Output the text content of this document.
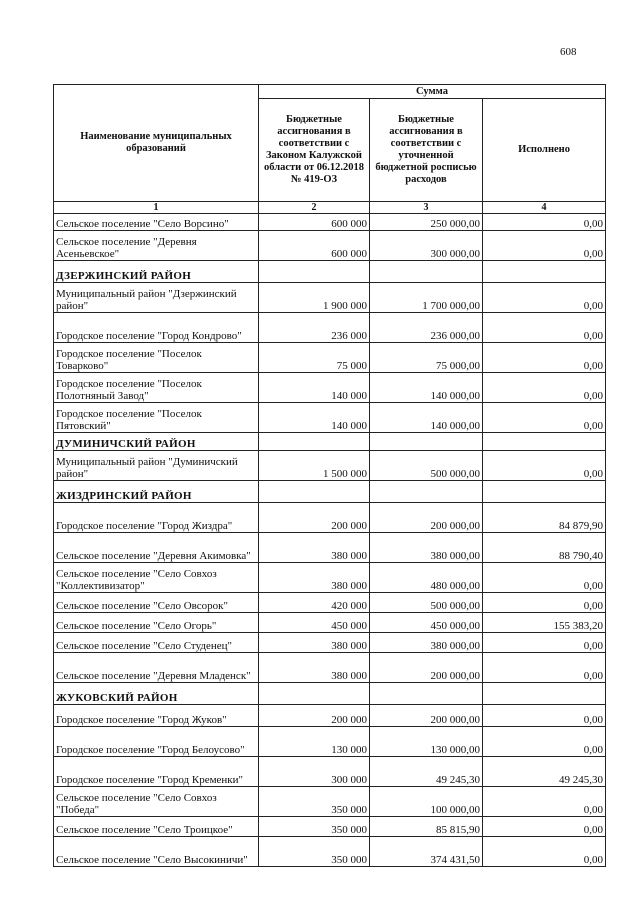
608
Наименование муниципальных образований	Сумма		
	Бюджетные ассигнования в соответствии с Законом Калужской области от 06.12.2018 № 419-ОЗ	Бюджетные ассигнования в соответствии с уточненной бюджетной росписью расходов	Исполнено
1	2	3	4
Сельское поселение "Село Ворсино"	600 000	250 000,00	0,00
Сельское поселение "Деревня Асеньевское"	600 000	300 000,00	0,00
ДЗЕРЖИНСКИЙ РАЙОН			
Муниципальный район "Дзержинский район"	1 900 000	1 700 000,00	0,00
Городское поселение "Город Кондрово"	236 000	236 000,00	0,00
Городское поселение "Поселок Товарково"	75 000	75 000,00	0,00
Городское поселение "Поселок Полотняный Завод"	140 000	140 000,00	0,00
Городское поселение "Поселок Пятовский"	140 000	140 000,00	0,00
ДУМИНИЧСКИЙ РАЙОН			
Муниципальный район "Думиничский район"	1 500 000	500 000,00	0,00
ЖИЗДРИНСКИЙ РАЙОН			
Городское поселение "Город Жиздра"	200 000	200 000,00	84 879,90
Сельское поселение "Деревня Акимовка"	380 000	380 000,00	88 790,40
Сельское поселение "Село Совхоз "Коллективизатор"	380 000	480 000,00	0,00
Сельское поселение "Село Овсорок"	420 000	500 000,00	0,00
Сельское поселение "Село Огорь"	450 000	450 000,00	155 383,20
Сельское поселение "Село Студенец"	380 000	380 000,00	0,00
Сельское поселение "Деревня Младенск"	380 000	200 000,00	0,00
ЖУКОВСКИЙ РАЙОН			
Городское поселение "Город Жуков"	200 000	200 000,00	0,00
Городское поселение "Город Белоусово"	130 000	130 000,00	0,00
Городское поселение "Город Кременки"	300 000	49 245,30	49 245,30
Сельское поселение "Село Совхоз "Победа"	350 000	100 000,00	0,00
Сельское поселение "Село Троицкое"	350 000	85 815,90	0,00
Сельское поселение "Село Высокиничи"	350 000	374 431,50	0,00
